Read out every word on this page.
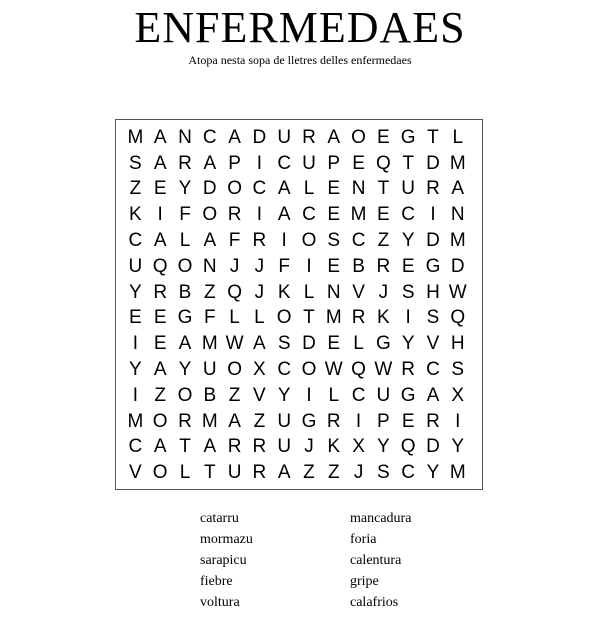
ENFERMEDAES
Atopa nesta sopa de lletres delles enfermedaes
M A N C A D U R A O E G T L
S A R A P I C U P E Q T D M
Z E Y D O C A L E N T U R A
K I F O R I A C E M E C I N
C A L A F R I O S C Z Y D M
U Q O N J J F I E B R E G D
Y R B Z Q J K L N V J S H W
E E G F L L O T M R K I S Q
I E A M W A S D E L G Y V H
Y A Y U O X C O W Q W R C S
I Z O B Z V Y I L C U G A X
M O R M A Z U G R I P E R I
C A T A R R U J K X Y Q D Y
V O L T U R A Z Z J S C Y M
catarru
mormazu
sarapicu
fiebre
voltura
mancadura
foria
calentura
gripe
calafrios
